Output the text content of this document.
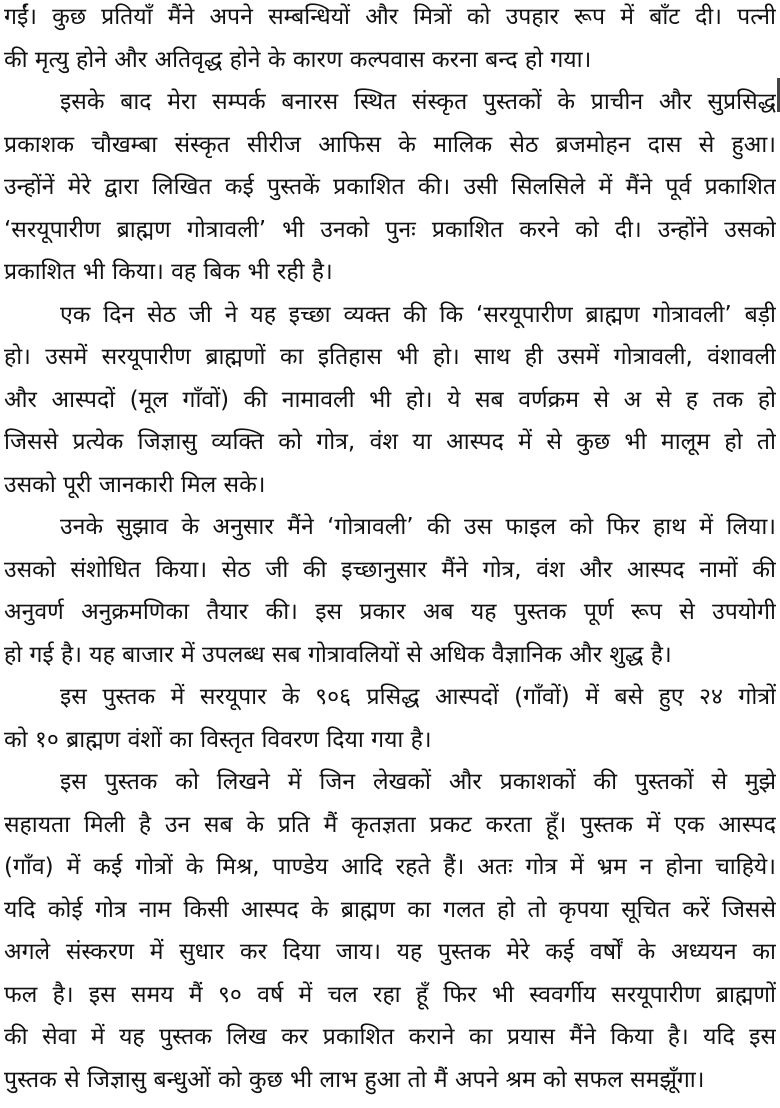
गईं। कुछ प्रतियाँ मैंने अपने सम्बन्धियों और मित्रों को उपहार रूप में बाँट दी। पत्नी
की मृत्यु होने और अतिवृद्ध होने के कारण कल्पवास करना बन्द हो गया।
इसके बाद मेरा सम्पर्क बनारस स्थित संस्कृत पुस्तकों के प्राचीन और सुप्रसिद्ध
प्रकाशक चौखम्बा संस्कृत सीरीज आफिस के मालिक सेठ ब्रजमोहन दास से हुआ।
उन्होंनें मेरे द्वारा लिखित कई पुस्तकें प्रकाशित की। उसी सिलसिले में मैंने पूर्व प्रकाशित
‘सरयूपारीण ब्राह्मण गोत्रावली’ भी उनको पुनः प्रकाशित करने को दी। उन्होंने उसको
प्रकाशित भी किया। वह बिक भी रही है।
एक दिन सेठ जी ने यह इच्छा व्यक्त की कि ‘सरयूपारीण ब्राह्मण गोत्रावली’ बड़ी
हो। उसमें सरयूपारीण ब्राह्मणों का इतिहास भी हो। साथ ही उसमें गोत्रावली, वंशावली
और आस्पदों (मूल गाँवों) की नामावली भी हो। ये सब वर्णक्रम से अ से ह तक हो
जिससे प्रत्येक जिज्ञासु व्यक्ति को गोत्र, वंश या आस्पद में से कुछ भी मालूम हो तो
उसको पूरी जानकारी मिल सके।
उनके सुझाव के अनुसार मैंने ‘गोत्रावली’ की उस फाइल को फिर हाथ में लिया।
उसको संशोधित किया। सेठ जी की इच्छानुसार मैंने गोत्र, वंश और आस्पद नामों की
अनुवर्ण अनुक्रमणिका तैयार की। इस प्रकार अब यह पुस्तक पूर्ण रूप से उपयोगी
हो गई है। यह बाजार में उपलब्ध सब गोत्रावलियों से अधिक वैज्ञानिक और शुद्ध है।
इस पुस्तक में सरयूपार के ९०६ प्रसिद्ध आस्पदों (गाँवों) में बसे हुए २४ गोत्रों
को १० ब्राह्मण वंशों का विस्तृत विवरण दिया गया है।
इस पुस्तक को लिखने में जिन लेखकों और प्रकाशकों की पुस्तकों से मुझे
सहायता मिली है उन सब के प्रति मैं कृतज्ञता प्रकट करता हूँ। पुस्तक में एक आस्पद
(गाँव) में कई गोत्रों के मिश्र, पाण्डेय आदि रहते हैं। अतः गोत्र में भ्रम न होना चाहिये।
यदि कोई गोत्र नाम किसी आस्पद के ब्राह्मण का गलत हो तो कृपया सूचित करें जिससे
अगले संस्करण में सुधार कर दिया जाय। यह पुस्तक मेरे कई वर्षों के अध्ययन का
फल है। इस समय मैं ९० वर्ष में चल रहा हूँ फिर भी स्ववर्गीय सरयूपारीण ब्राह्मणों
की सेवा में यह पुस्तक लिख कर प्रकाशित कराने का प्रयास मैंने किया है। यदि इस
पुस्तक से जिज्ञासु बन्धुओं को कुछ भी लाभ हुआ तो मैं अपने श्रम को सफल समझूँगा।
